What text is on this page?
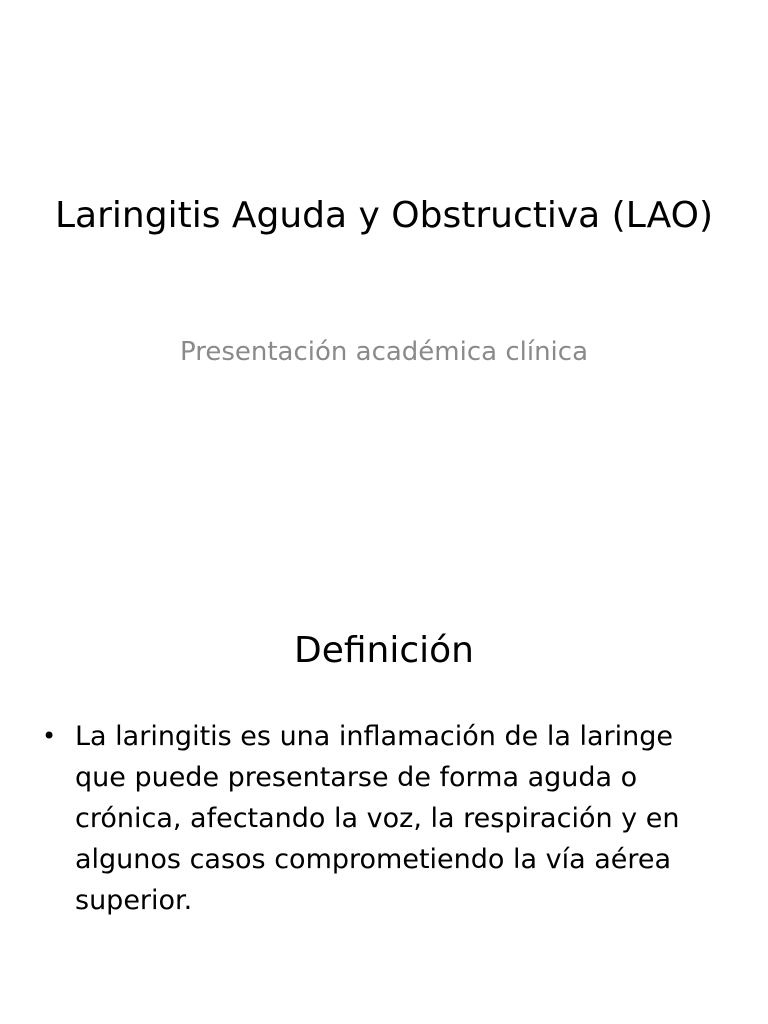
Laringitis Aguda y Obstructiva (LAO)

Presentación académica clínica

Definición
• La laringitis es una inflamación de la laringe que puede presentarse de forma aguda o crónica, afectando la voz, la respiración y en algunos casos comprometiendo la vía aérea superior.
